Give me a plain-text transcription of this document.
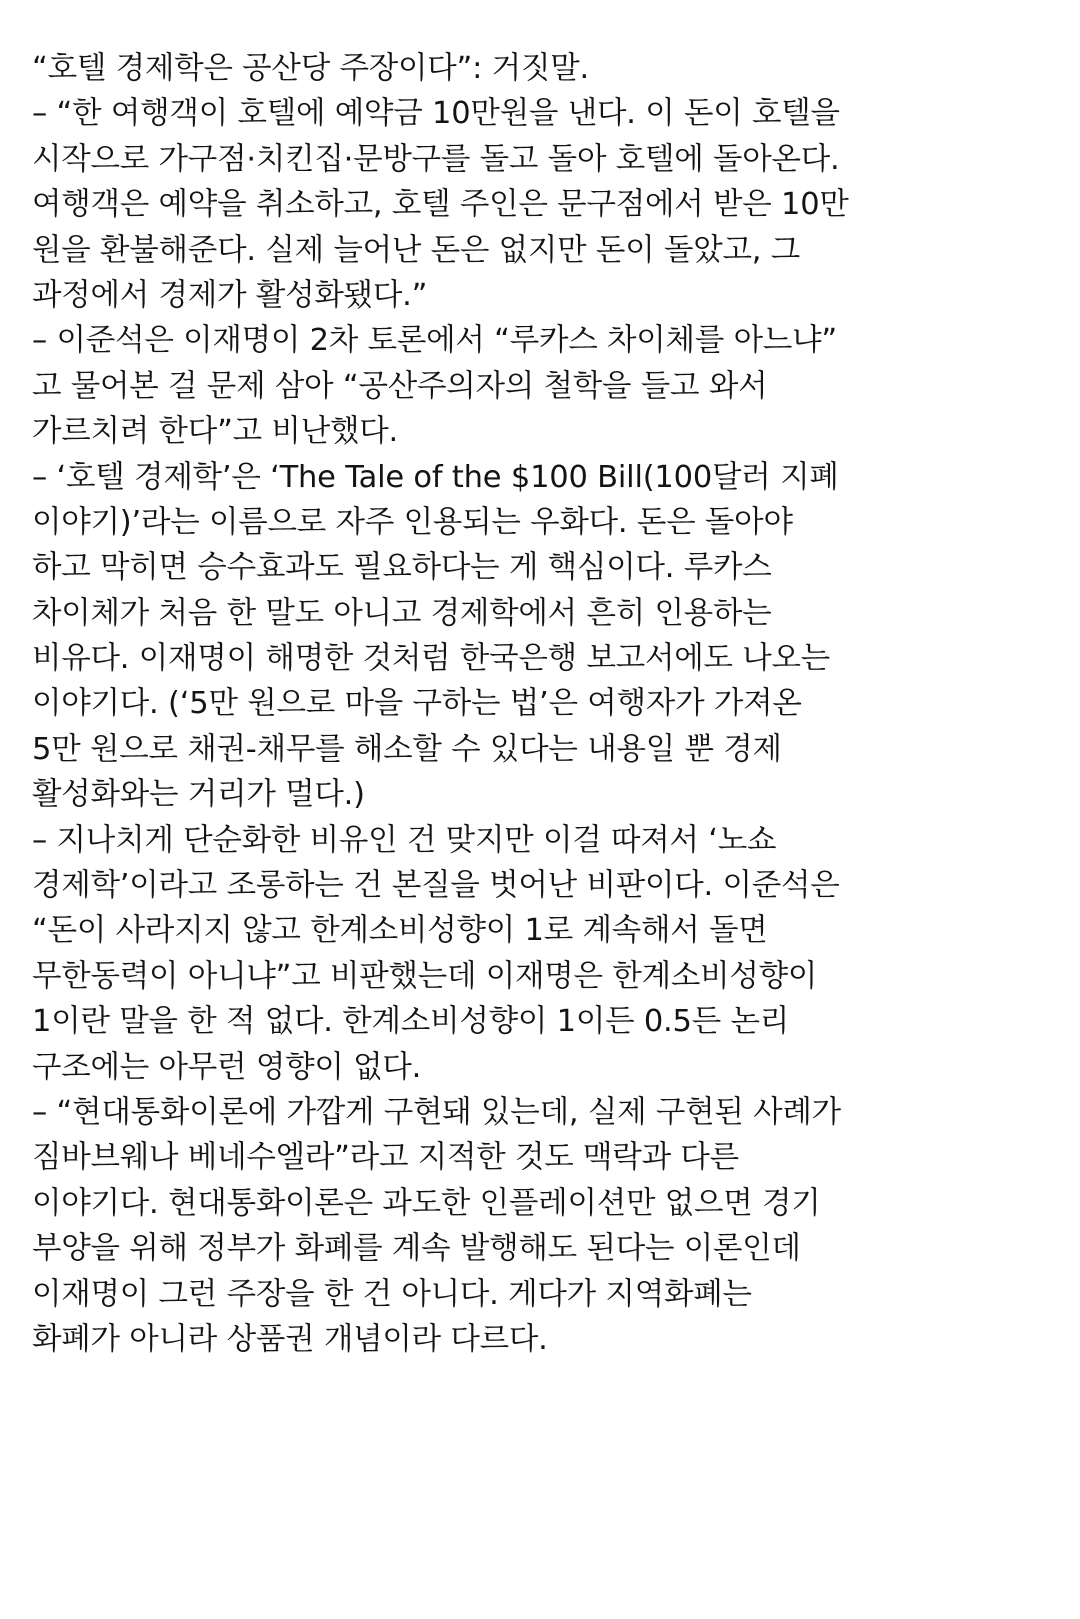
“호텔 경제학은 공산당 주장이다”: 거짓말.
– “한 여행객이 호텔에 예약금 10만원을 낸다. 이 돈이 호텔을
시작으로 가구점·치킨집·문방구를 돌고 돌아 호텔에 돌아온다.
여행객은 예약을 취소하고, 호텔 주인은 문구점에서 받은 10만
원을 환불해준다. 실제 늘어난 돈은 없지만 돈이 돌았고, 그
과정에서 경제가 활성화됐다.”
– 이준석은 이재명이 2차 토론에서 “루카스 차이체를 아느냐”
고 물어본 걸 문제 삼아 “공산주의자의 철학을 들고 와서
가르치려 한다”고 비난했다.
– ‘호텔 경제학’은 ‘The Tale of the $100 Bill(100달러 지폐
이야기)’라는 이름으로 자주 인용되는 우화다. 돈은 돌아야
하고 막히면 승수효과도 필요하다는 게 핵심이다. 루카스
차이체가 처음 한 말도 아니고 경제학에서 흔히 인용하는
비유다. 이재명이 해명한 것처럼 한국은행 보고서에도 나오는
이야기다. (‘5만 원으로 마을 구하는 법’은 여행자가 가져온
5만 원으로 채권-채무를 해소할 수 있다는 내용일 뿐 경제
활성화와는 거리가 멀다.)
– 지나치게 단순화한 비유인 건 맞지만 이걸 따져서 ‘노쇼
경제학’이라고 조롱하는 건 본질을 벗어난 비판이다. 이준석은
“돈이 사라지지 않고 한계소비성향이 1로 계속해서 돌면
무한동력이 아니냐”고 비판했는데 이재명은 한계소비성향이
1이란 말을 한 적 없다. 한계소비성향이 1이든 0.5든 논리
구조에는 아무런 영향이 없다.
– “현대통화이론에 가깝게 구현돼 있는데, 실제 구현된 사례가
짐바브웨나 베네수엘라”라고 지적한 것도 맥락과 다른
이야기다. 현대통화이론은 과도한 인플레이션만 없으면 경기
부양을 위해 정부가 화폐를 계속 발행해도 된다는 이론인데
이재명이 그런 주장을 한 건 아니다. 게다가 지역화폐는
화폐가 아니라 상품권 개념이라 다르다.
